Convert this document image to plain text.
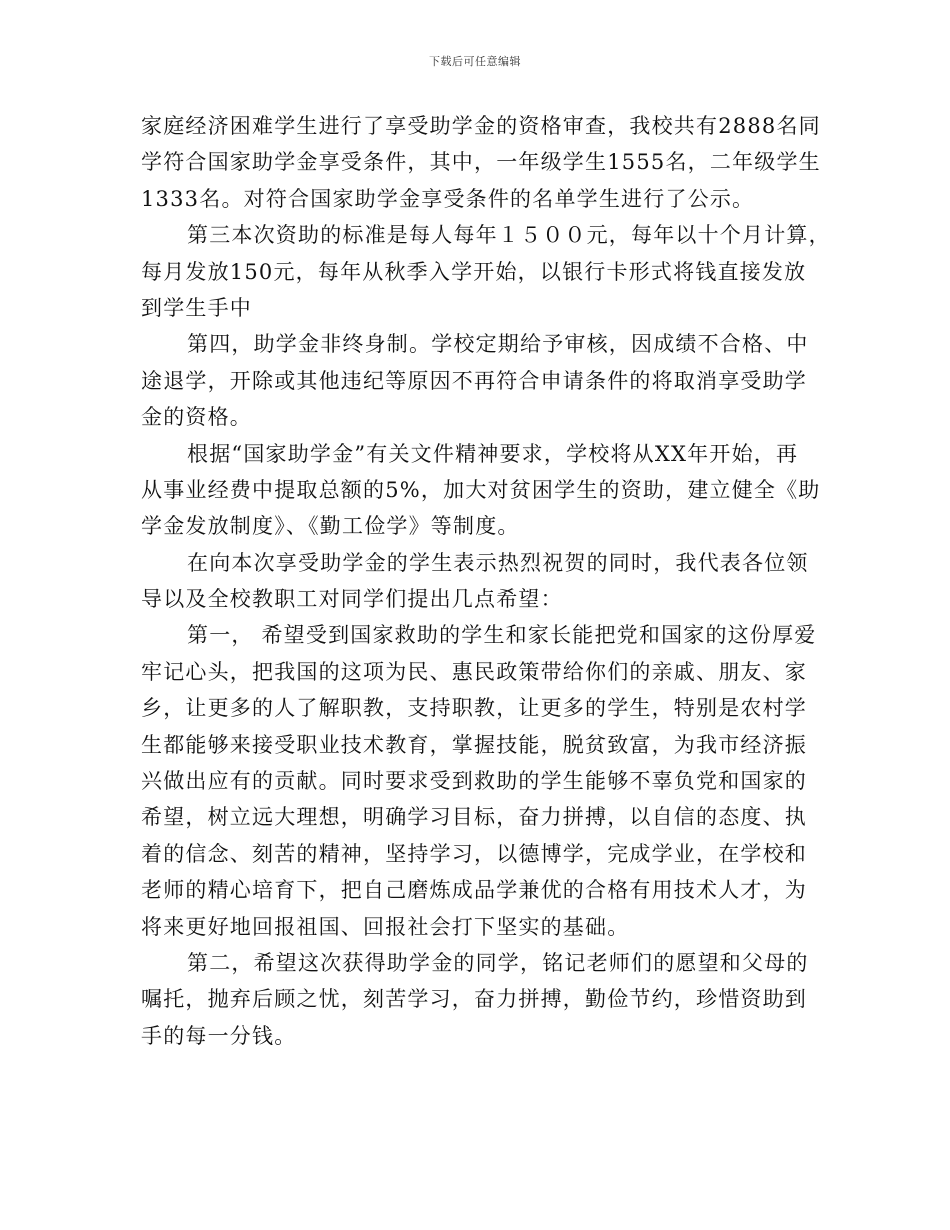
下载后可任意编辑
家庭经济困难学生进行了享受助学金的资格审查，我校共有2888名同
学符合国家助学金享受条件，其中，一年级学生1555名，二年级学生
1333名。对符合国家助学金享受条件的名单学生进行了公示。
第三本次资助的标准是每人每年１５００元，每年以十个月计算，
每月发放150元，每年从秋季入学开始，以银行卡形式将钱直接发放
到学生手中
第四，助学金非终身制。学校定期给予审核，因成绩不合格、中
途退学，开除或其他违纪等原因不再符合申请条件的将取消享受助学
金的资格。
根据“国家助学金”有关文件精神要求，学校将从XX年开始，再
从事业经费中提取总额的5%，加大对贫困学生的资助，建立健全《助
学金发放制度》、《勤工俭学》等制度。
在向本次享受助学金的学生表示热烈祝贺的同时，我代表各位领
导以及全校教职工对同学们提出几点希望：
第一， 希望受到国家救助的学生和家长能把党和国家的这份厚爱
牢记心头，把我国的这项为民、惠民政策带给你们的亲戚、朋友、家
乡，让更多的人了解职教，支持职教，让更多的学生，特别是农村学
生都能够来接受职业技术教育，掌握技能，脱贫致富，为我市经济振
兴做出应有的贡献。同时要求受到救助的学生能够不辜负党和国家的
希望，树立远大理想，明确学习目标，奋力拼搏，以自信的态度、执
着的信念、刻苦的精神，坚持学习，以德博学，完成学业，在学校和
老师的精心培育下，把自己磨炼成品学兼优的合格有用技术人才，为
将来更好地回报祖国、回报社会打下坚实的基础。
第二，希望这次获得助学金的同学，铭记老师们的愿望和父母的
嘱托，抛弃后顾之忧，刻苦学习，奋力拼搏，勤俭节约，珍惜资助到
手的每一分钱。
